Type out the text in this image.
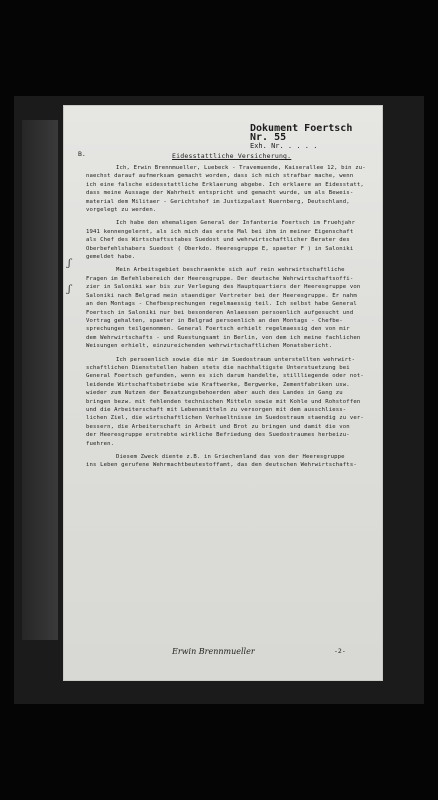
Dokument Foertsch Nr. 55
Exh. Nr. . . . .
B.	Eidesstattliche Versicherung.
ʃ
ʃ
Ich, Erwin Brennmueller, Luebeck - Travemuende, Kaiserallee 12, bin zu-
naechst darauf aufmerksam gemacht worden, dass ich mich strafbar mache, wenn
ich eine falsche eidesstattliche Erklaerung abgebe. Ich erklaere an Eidesstatt,
dass meine Aussage der Wahrheit entspricht und gemacht wurde, um als Beweis-
material dem Militaer - Gerichtshof im Justizpalast Nuernberg, Deutschland,
vorgelegt zu werden.
Ich habe den ehemaligen General der Infanterie Foertsch im Fruehjahr
1941 kennengelernt, als ich mich das erste Mal bei ihm in meiner Eigenschaft
als Chef des Wirtschaftsstabes Suedost und wehrwirtschaftlicher Berater des
Oberbefehlshabers Suedost ( Oberkdo. Heeresgruppe E, spaeter F ) in Saloniki
gemeldet habe.
Mein Arbeitsgebiet beschraenkte sich auf rein wehrwirtschaftliche
Fragen im Befehlsbereich der Heeresgruppe. Der deutsche Wehrwirtschaftsoffi-
zier in Saloniki war bis zur Verlegung des Hauptquartiers der Heeresgruppe von
Saloniki nach Belgrad mein staendiger Vertreter bei der Heeresgruppe. Er nahm
an den Montags - Chefbesprechungen regelmaessig teil. Ich selbst habe General
Foertsch in Saloniki nur bei besonderen Anlaessen persoenlich aufgesucht und
Vortrag gehalten, spaeter in Belgrad persoenlich an den Montags - Chefbe-
sprechungen teilgenommen. General Foertsch erhielt regelmaessig den von mir
dem Wehrwirtschafts - und Ruestungsamt in Berlin, von dem ich meine fachlichen
Weisungen erhielt, einzureichenden wehrwirtschaftlichen Monatsbericht.
Ich persoenlich sowie die mir im Suedostraum unterstellten wehrwirt-
schaftlichen Dienststellen haben stets die nachhaltigste Unterstuetzung bei
General Foertsch gefunden, wenn es sich darum handelte, stillliegende oder not-
leidende Wirtschaftsbetriebe wie Kraftwerke, Bergwerke, Zementfabriken usw.
wieder zum Nutzen der Besatzungsbehoerden aber auch des Landes in Gang zu
bringen bezw. mit fehlenden technischen Mitteln sowie mit Kohle und Rohstoffen
und die Arbeiterschaft mit Lebensmitteln zu versorgen mit dem ausschliess-
lichen Ziel, die wirtschaftlichen Verhaeltnisse im Suedostraum staendig zu ver-
bessern, die Arbeiterschaft in Arbeit und Brot zu bringen und damit die von
der Heeresgruppe erstrebte wirkliche Befriedung des Suedostraumes herbeizu-
fuehren.
Diesem Zweck diente z.B. in Griechenland das von der Heeresgruppe
ins Leben gerufene Wehrmachtbeutestoffamt, das den deutschen Wehrwirtschafts-
Erwin Brennmueller	-2-
